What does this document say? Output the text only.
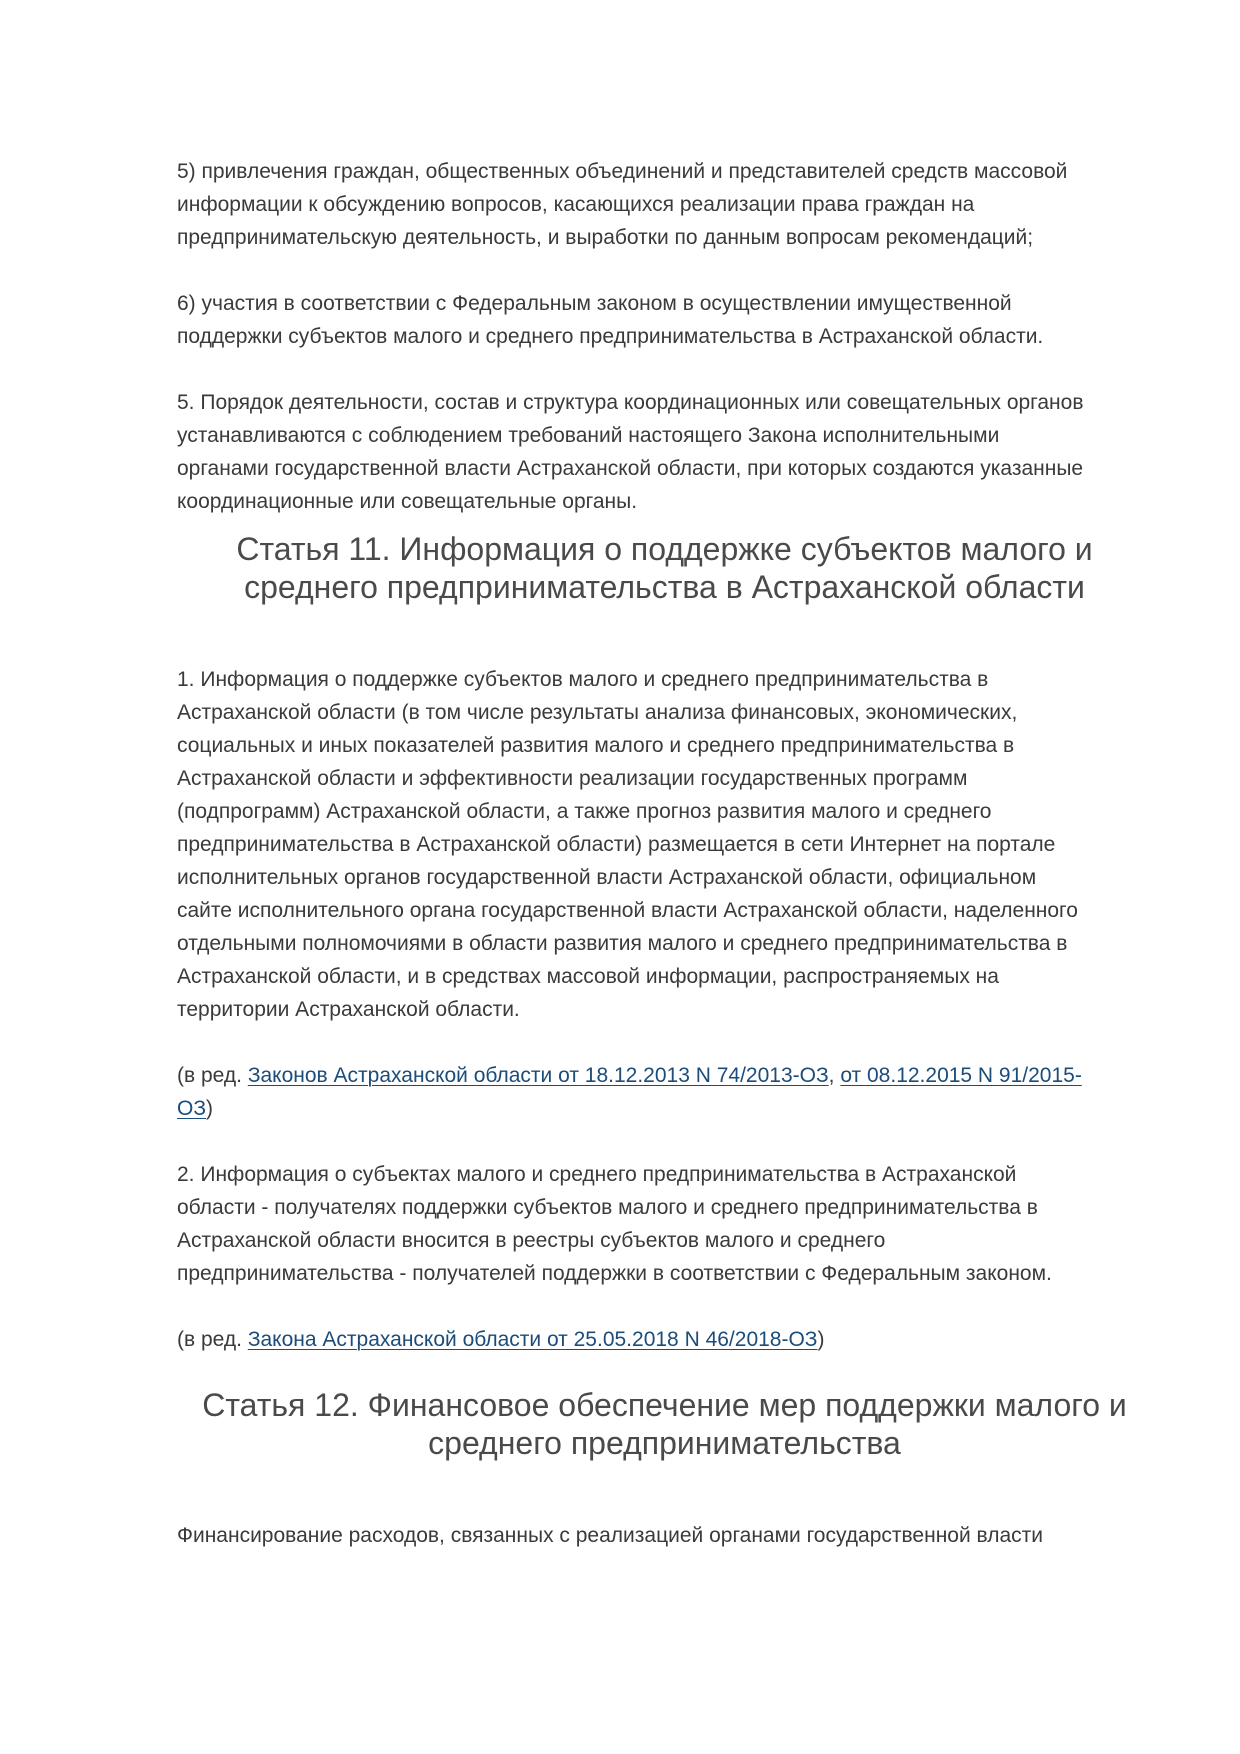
5) привлечения граждан, общественных объединений и представителей средств массовой
информации к обсуждению вопросов, касающихся реализации права граждан на
предпринимательскую деятельность, и выработки по данным вопросам рекомендаций;

6) участия в соответствии с Федеральным законом в осуществлении имущественной
поддержки субъектов малого и среднего предпринимательства в Астраханской области.

5. Порядок деятельности, состав и структура координационных или совещательных органов
устанавливаются с соблюдением требований настоящего Закона исполнительными
органами государственной власти Астраханской области, при которых создаются указанные
координационные или совещательные органы.

Статья 11. Информация о поддержке субъектов малого и
среднего предпринимательства в Астраханской области

1. Информация о поддержке субъектов малого и среднего предпринимательства в
Астраханской области (в том числе результаты анализа финансовых, экономических,
социальных и иных показателей развития малого и среднего предпринимательства в
Астраханской области и эффективности реализации государственных программ
(подпрограмм) Астраханской области, а также прогноз развития малого и среднего
предпринимательства в Астраханской области) размещается в сети Интернет на портале
исполнительных органов государственной власти Астраханской области, официальном
сайте исполнительного органа государственной власти Астраханской области, наделенного
отдельными полномочиями в области развития малого и среднего предпринимательства в
Астраханской области, и в средствах массовой информации, распространяемых на
территории Астраханской области.

(в ред. Законов Астраханской области от 18.12.2013 N 74/2013-ОЗ, от 08.12.2015 N 91/2015-
ОЗ)

2. Информация о субъектах малого и среднего предпринимательства в Астраханской
области - получателях поддержки субъектов малого и среднего предпринимательства в
Астраханской области вносится в реестры субъектов малого и среднего
предпринимательства - получателей поддержки в соответствии с Федеральным законом.

(в ред. Закона Астраханской области от 25.05.2018 N 46/2018-ОЗ)

Статья 12. Финансовое обеспечение мер поддержки малого и
среднего предпринимательства

Финансирование расходов, связанных с реализацией органами государственной власти
